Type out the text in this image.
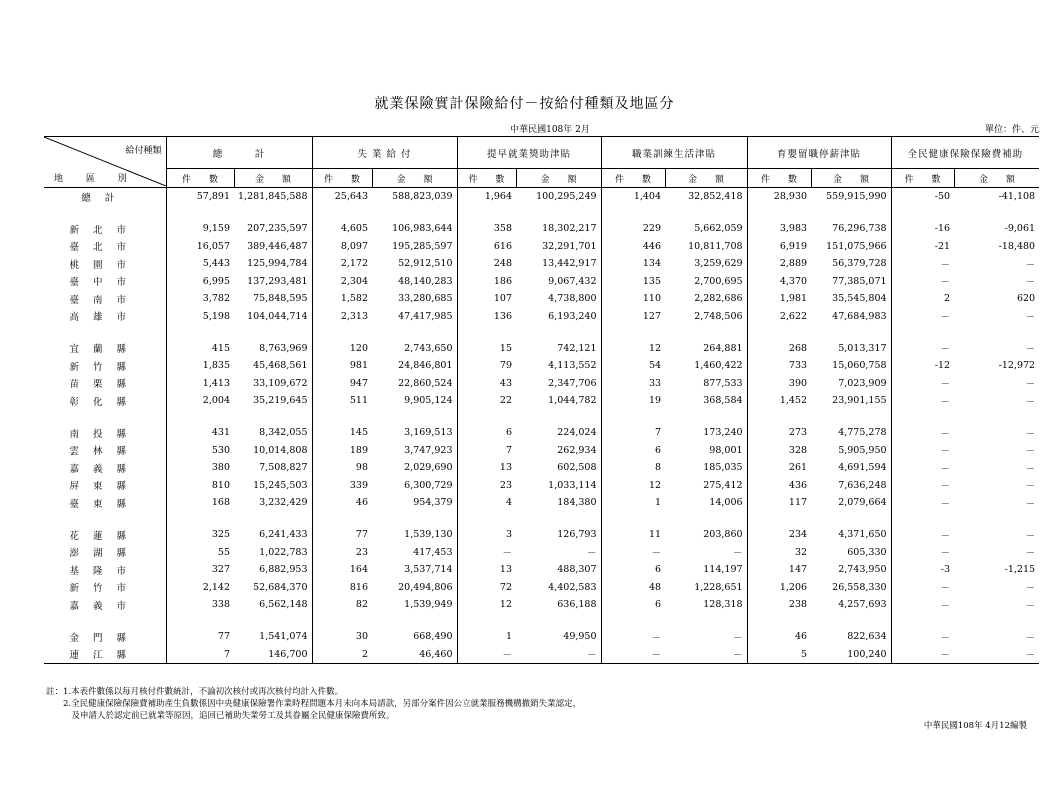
就業保險實計保險給付－按給付種類及地區分
中華民國108年 2月	單位：件、元
給付種類
地 區 別	總　　　計		失 業 給 付		提早就業獎助津貼		職業訓練生活津貼		育嬰留職停薪津貼		全民健康保險保險費補助	
	件　　數	金　　額	件　　數	金　　額	件　　數	金　　額	件　　數	金　　額	件　　數	金　　額	件　　數	金　　額
總計	57,891	1,281,845,588	25,643	588,823,039	1,964	100,295,249	1,404	32,852,418	28,930	559,915,990	-50	-41,108

新北市	9,159	207,235,597	4,605	106,983,644	358	18,302,217	229	5,662,059	3,983	76,296,738	-16	-9,061
臺北市	16,057	389,446,487	8,097	195,285,597	616	32,291,701	446	10,811,708	6,919	151,075,966	-21	-18,480
桃園市	5,443	125,994,784	2,172	52,912,510	248	13,442,917	134	3,259,629	2,889	56,379,728	－	－
臺中市	6,995	137,293,481	2,304	48,140,283	186	9,067,432	135	2,700,695	4,370	77,385,071	－	－
臺南市	3,782	75,848,595	1,582	33,280,685	107	4,738,800	110	2,282,686	1,981	35,545,804	2	620
高雄市	5,198	104,044,714	2,313	47,417,985	136	6,193,240	127	2,748,506	2,622	47,684,983	－	－

宜蘭縣	415	8,763,969	120	2,743,650	15	742,121	12	264,881	268	5,013,317	－	－
新竹縣	1,835	45,468,561	981	24,846,801	79	4,113,552	54	1,460,422	733	15,060,758	-12	-12,972
苗栗縣	1,413	33,109,672	947	22,860,524	43	2,347,706	33	877,533	390	7,023,909	－	－
彰化縣	2,004	35,219,645	511	9,905,124	22	1,044,782	19	368,584	1,452	23,901,155	－	－

南投縣	431	8,342,055	145	3,169,513	6	224,024	7	173,240	273	4,775,278	－	－
雲林縣	530	10,014,808	189	3,747,923	7	262,934	6	98,001	328	5,905,950	－	－
嘉義縣	380	7,508,827	98	2,029,690	13	602,508	8	185,035	261	4,691,594	－	－
屏東縣	810	15,245,503	339	6,300,729	23	1,033,114	12	275,412	436	7,636,248	－	－
臺東縣	168	3,232,429	46	954,379	4	184,380	1	14,006	117	2,079,664	－	－

花蓮縣	325	6,241,433	77	1,539,130	3	126,793	11	203,860	234	4,371,650	－	－
澎湖縣	55	1,022,783	23	417,453	－	－	－	－	32	605,330	－	－
基隆市	327	6,882,953	164	3,537,714	13	488,307	6	114,197	147	2,743,950	-3	-1,215
新竹市	2,142	52,684,370	816	20,494,806	72	4,402,583	48	1,228,651	1,206	26,558,330	－	－
嘉義市	338	6,562,148	82	1,539,949	12	636,188	6	128,318	238	4,257,693	－	－

金門縣	77	1,541,074	30	668,490	1	49,950	－	－	46	822,634	－	－
連江縣	7	146,700	2	46,460	－	－	－	－	5	100,240	－	－
註：1.本表件數係以每月核付件數統計，不論初次核付或再次核付均計入件數。
　　2.全民健康保險保險費補助產生負數係因中央健康保險署作業時程問題本月未向本局請款，另部分案件因公立就業服務機構撤銷失業認定，
　　　及申請人於認定前已就業等原因，追回已補助失業勞工及其眷屬全民健康保險費所致。
中華民國108年 4月12編製
